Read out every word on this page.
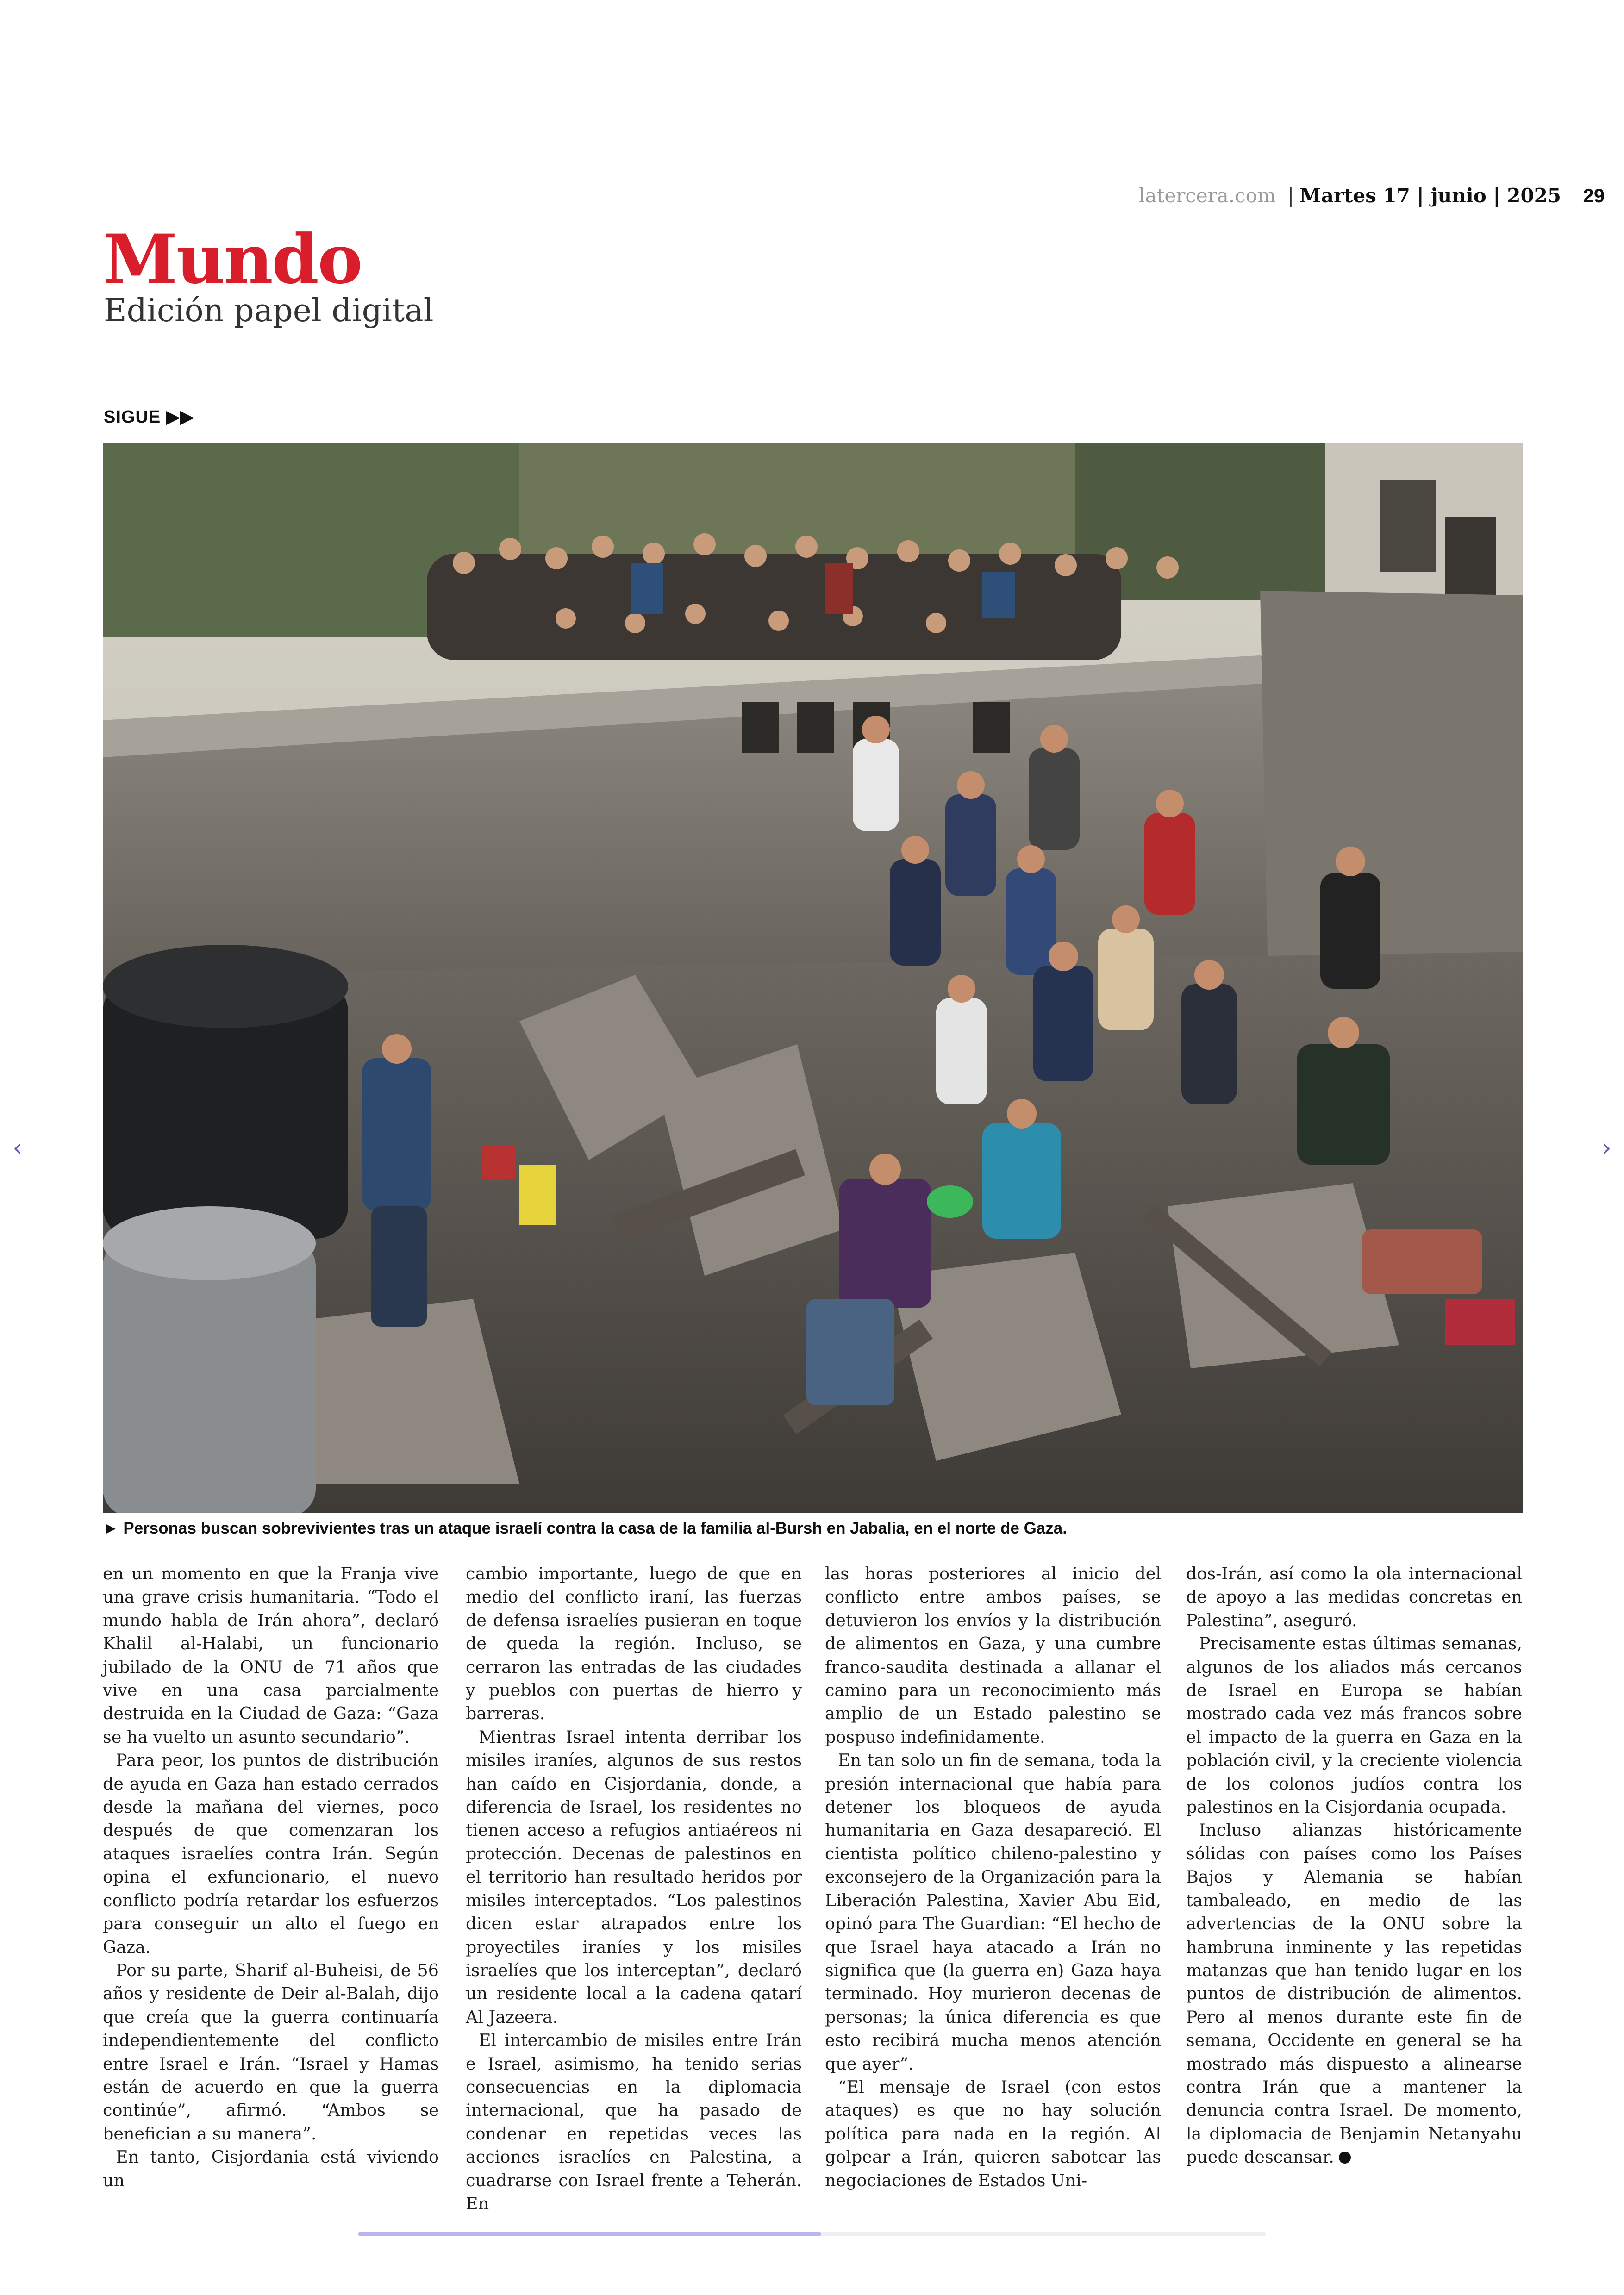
latercera.com | Martes 17 | junio | 2025 29
Mundo
Edición papel digital
SIGUE ▶▶
► Personas buscan sobrevivientes tras un ataque israelí contra la casa de la familia al-Bursh en Jabalia, en el norte de Gaza.

en un momento en que la Franja vive una grave crisis humanitaria. “Todo el mundo habla de Irán ahora”, declaró Khalil al-Halabi, un funcionario jubilado de la ONU de 71 años que vive en una casa parcialmente destruida en la Ciudad de Gaza: “Gaza se ha vuelto un asunto secundario”.

Para peor, los puntos de distribución de ayuda en Gaza han estado cerrados desde la mañana del viernes, poco después de que comenzaran los ataques israelíes contra Irán. Según opina el exfuncionario, el nuevo conflicto podría retardar los esfuerzos para conseguir un alto el fuego en Gaza.

Por su parte, Sharif al-Buheisi, de 56 años y residente de Deir al-Balah, dijo que creía que la guerra continuaría independientemente del conflicto entre Israel e Irán. “Israel y Hamas están de acuerdo en que la guerra continúe”, afirmó. “Ambos se benefician a su manera”.

En tanto, Cisjordania está viviendo un

cambio importante, luego de que en medio del conflicto iraní, las fuerzas de defensa israelíes pusieran en toque de queda la región. Incluso, se cerraron las entradas de las ciudades y pueblos con puertas de hierro y barreras.

Mientras Israel intenta derribar los misiles iraníes, algunos de sus restos han caído en Cisjordania, donde, a diferencia de Israel, los residentes no tienen acceso a refugios antiaéreos ni protección. Decenas de palestinos en el territorio han resultado heridos por misiles interceptados. “Los palestinos dicen estar atrapados entre los proyectiles iraníes y los misiles israelíes que los interceptan”, declaró un residente local a la cadena qatarí Al Jazeera.

El intercambio de misiles entre Irán e Israel, asimismo, ha tenido serias consecuencias en la diplomacia internacional, que ha pasado de condenar en repetidas veces las acciones israelíes en Palestina, a cuadrarse con Israel frente a Teherán. En

las horas posteriores al inicio del conflicto entre ambos países, se detuvieron los envíos y la distribución de alimentos en Gaza, y una cumbre franco-saudita destinada a allanar el camino para un reconocimiento más amplio de un Estado palestino se pospuso indefinidamente.

En tan solo un fin de semana, toda la presión internacional que había para detener los bloqueos de ayuda humanitaria en Gaza desapareció. El cientista político chileno-palestino y exconsejero de la Organización para la Liberación Palestina, Xavier Abu Eid, opinó para The Guardian: “El hecho de que Israel haya atacado a Irán no significa que (la guerra en) Gaza haya terminado. Hoy murieron decenas de personas; la única diferencia es que esto recibirá mucha menos atención que ayer”.

“El mensaje de Israel (con estos ataques) es que no hay solución política para nada en la región. Al golpear a Irán, quieren sabotear las negociaciones de Estados Uni-

dos-Irán, así como la ola internacional de apoyo a las medidas concretas en Palestina”, aseguró.

Precisamente estas últimas semanas, algunos de los aliados más cercanos de Israel en Europa se habían mostrado cada vez más francos sobre el impacto de la guerra en Gaza en la población civil, y la creciente violencia de los colonos judíos contra los palestinos en la Cisjordania ocupada.

Incluso alianzas históricamente sólidas con países como los Países Bajos y Alemania se habían tambaleado, en medio de las advertencias de la ONU sobre la hambruna inminente y las repetidas matanzas que han tenido lugar en los puntos de distribución de alimentos. Pero al menos durante este fin de semana, Occidente en general se ha mostrado más dispuesto a alinearse contra Irán que a mantener la denuncia contra Israel. De momento, la diplomacia de Benjamin Netanyahu puede descansar.

‹	›
